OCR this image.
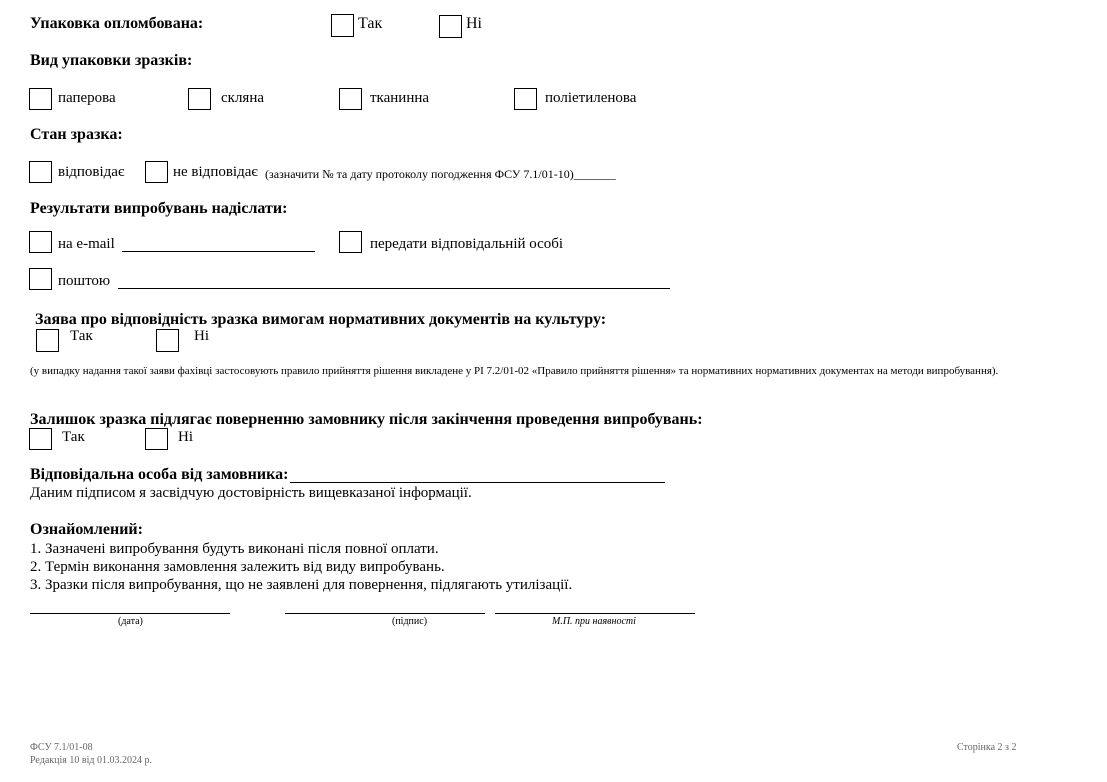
Упаковка опломбована:	Так	Ні
Вид упаковки зразків:
паперова	скляна	тканинна	поліетиленова
Стан зразка:
відповідає	не відповідає (зазначити № та дату протоколу погодження ФСУ 7.1/01-10)_______
Результати випробувань надіслати:
на e-mail	передати відповідальній особі
поштою
Заява про відповідність зразка вимогам нормативних документів на культуру:
Так	Ні
(у випадку надання такої заяви фахівці застосовують правило прийняття рішення викладене у РІ 7.2/01-02 «Правило прийняття рішення» та нормативних нормативних документах на методи випробування).
Залишок зразка підлягає поверненню замовнику після закінчення проведення випробувань:
Так	Ні
Відповідальна особа від замовника:
Даним підписом я засвідчую достовірність вищевказаної інформації.
Ознайомлений:
1. Зазначені випробування будуть виконані після повної оплати.
2. Термін виконання замовлення залежить від виду випробувань.
3. Зразки після випробування, що не заявлені для повернення, підлягають утилізації.
(дата)	(підпис)	М.П. при наявності
ФСУ 7.1/01-08
Редакція 10 від 01.03.2024 р.
Сторінка 2 з 2
